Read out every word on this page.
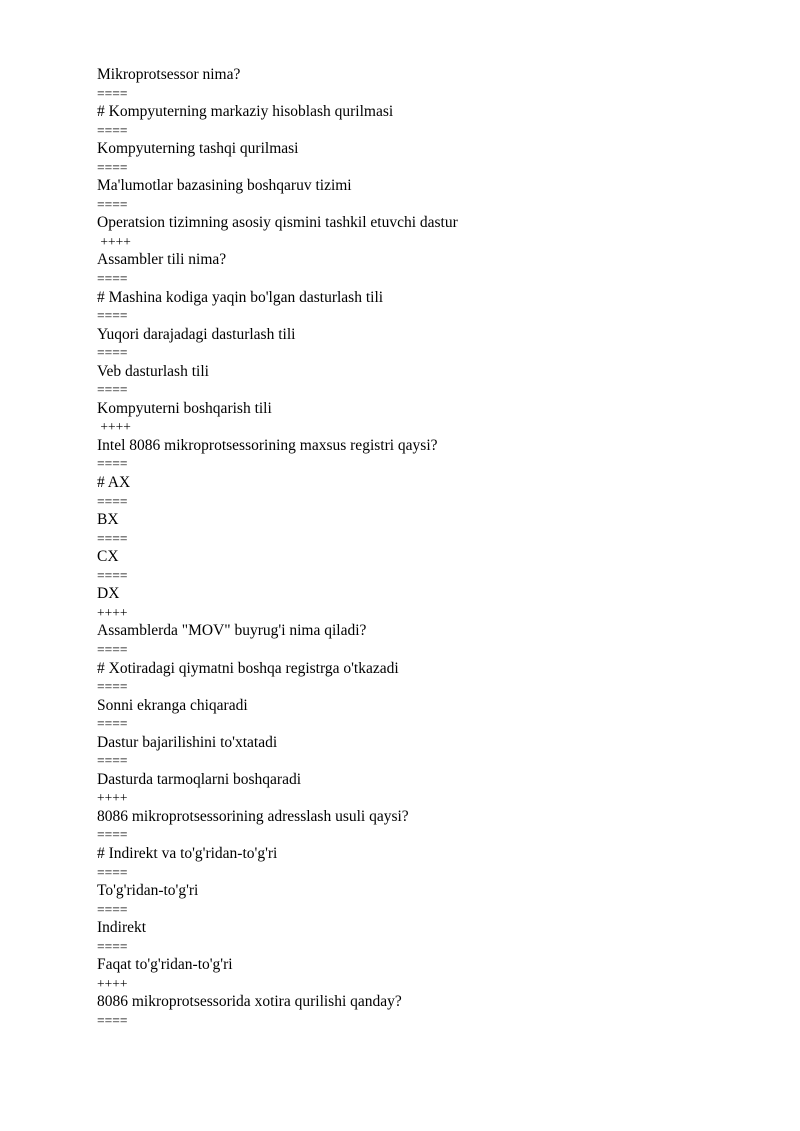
Mikroprotsessor nima?
====
# Kompyuterning markaziy hisoblash qurilmasi
====
Kompyuterning tashqi qurilmasi
====
Ma'lumotlar bazasining boshqaruv tizimi
====
Operatsion tizimning asosiy qismini tashkil etuvchi dastur
++++
Assambler tili nima?
====
# Mashina kodiga yaqin bo'lgan dasturlash tili
====
Yuqori darajadagi dasturlash tili
====
Veb dasturlash tili
====
Kompyuterni boshqarish tili
++++
Intel 8086 mikroprotsessorining maxsus registri qaysi?
====
# AX
====
BX
====
CX
====
DX
++++
Assamblerda "MOV" buyrug'i nima qiladi?
====
# Xotiradagi qiymatni boshqa registrga o'tkazadi
====
Sonni ekranga chiqaradi
====
Dastur bajarilishini to'xtatadi
====
Dasturda tarmoqlarni boshqaradi
++++
8086 mikroprotsessorining adresslash usuli qaysi?
====
# Indirekt va to'g'ridan-to'g'ri
====
To'g'ridan-to'g'ri
====
Indirekt
====
Faqat to'g'ridan-to'g'ri
++++
8086 mikroprotsessorida xotira qurilishi qanday?
====
